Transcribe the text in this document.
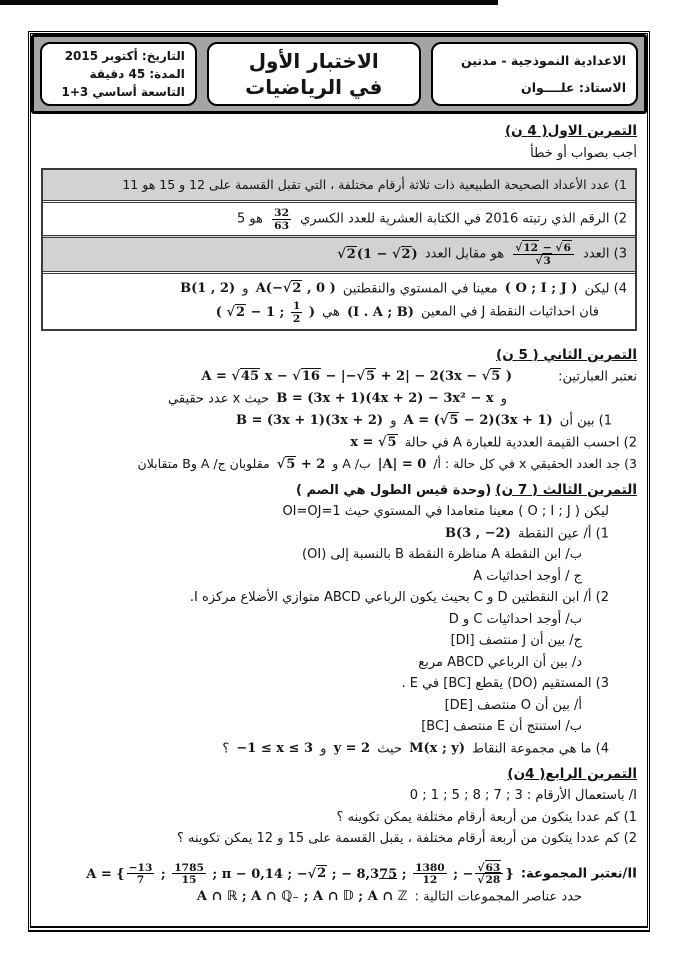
الاعدادية النموذجية - مدنين
الاستاذ: علــــوان
الاختبار الأول
في الرياضيات
التاريخ: أكتوبر 2015
المدة: 45 دقيقة
التاسعة أساسي 3+1
التمرين الاول( 4 ن)
أجب بصواب أو خطأ
1) عدد الأعداد الصحيحة الطبيعية ذات ثلاثة أرقام مختلفة ، التي تقبل القسمة على 12 و 15 هو 11
2) الرقم الذي رتبته 2016 في الكتابة العشرية للعدد الكسري
$\frac{32}{63}$
هو 5
3) العدد
$\frac{√12 - √6}{√3}$
هو مقابل العدد √2(1 − √2)
4) ليكن ( O ; I ; J ) معينا في المستوي والنقطتين A(−√2 , 0 ) و B(1 , 2)
فان احداثيات النقطة J في المعين (I . A ; B) هي ( √2 − 1 ; $\frac{1}{2}$ )
التمرين الثاني ( 5 ن)
نعتبر العبارتين: A = √45 x − √16 − |−√5 + 2| − 2(3x − √5 )
و B = (3x + 1)(4x + 2) − 3x² − x حيث x عدد حقيقي
1) بين أن A = (√5 − 2)(3x + 1) و B = (3x + 1)(3x + 2)
2) احسب القيمة العددية للعبارة A في حالة x = √5
3) جد العدد الحقيقي x في كل حالة : أ/ |A| = 0 ب/ A و √5 + 2 مقلوبان ج/ A وB متقابلان
التمرين الثالث ( 7 ن) (وحدة قيس الطول هي الصم )
ليكن ( O ; I ; J ) معينا متعامدا في المستوي حيث OI=OJ=1
1) أ/ عين النقطة B(3 , −2)
ب/ ابن النقطة A مناظرة النقطة B بالنسبة إلى (OI)
ج / أوجد احداثيات A
2) أ/ ابن النقطتين D و C بحيث يكون الرباعي ABCD متوازي الأضلاع مركزه I.
ب/ أوجد احداثيات C و D
ج/ بين أن J منتصف [DI]
د/ بين أن الرباعي ABCD مربع
3) المستقيم (DO) يقطع [BC] في E .
أ/ بين أن O منتصف [DE]
ب/ استنتج أن E منتصف [BC]
4) ما هي مجموعة النقاط M(x ; y) حيث y = 2 و −1 ≤ x ≤ 3 ؟
التمرين الرابع( 4ن)
I/ باستعمال الأرقام : 3 ; 7 ; 8 ; 5 ; 1 ; 0
1) كم عددا يتكون من أربعة أرقام مختلفة يمكن تكوينه ؟
2) كم عددا يتكون من أربعة أرقام مختلفة ، يقبل القسمة على 15 و 12 يمكن تكوينه ؟
II/نعتبر المجموعة: A = { $\frac{-13}{7}$ ; $\frac{1785}{15}$ ; π − 0,14 ; −√2 ; − 8,375 ; $\frac{1380}{12}$ ; − $\frac{√63}{√28}$ }
حدد عناصر المجموعات التالية : A ∩ ℝ ; A ∩ ℚ₋ ; A ∩ 𝔻 ; A ∩ ℤ
